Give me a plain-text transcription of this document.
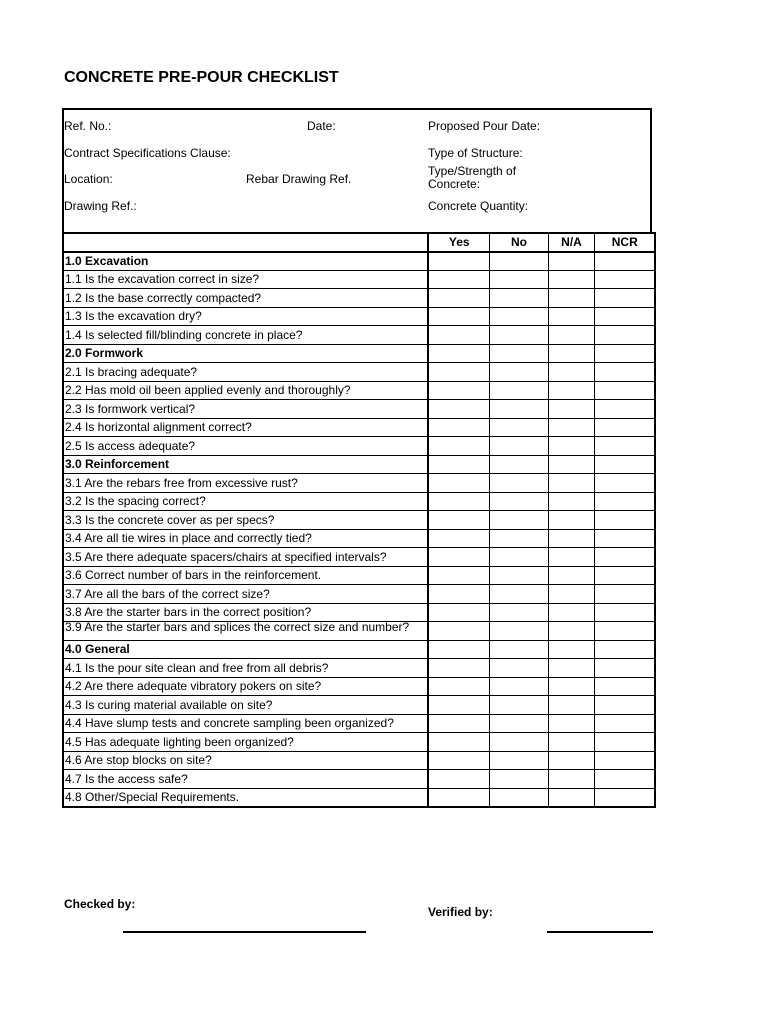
CONCRETE PRE-POUR CHECKLIST
Ref. No.:	Date:	Proposed Pour Date:
Contract Specifications Clause:	Type of Structure:
Location:	Rebar Drawing Ref.
Type/Strength of Concrete:
Drawing Ref.:	Concrete Quantity:
	Yes	No	N/A	NCR
1.0 Excavation				
1.1 Is the excavation correct in size?				
1.2 Is the base correctly compacted?				
1.3 Is the excavation dry?				
1.4 Is selected fill/blinding concrete in place?				
2.0 Formwork				
2.1 Is bracing adequate?				
2.2 Has mold oil been applied evenly and thoroughly?				
2.3 Is formwork vertical?				
2.4 Is horizontal alignment correct?				
2.5 Is access adequate?				
3.0 Reinforcement				
3.1 Are the rebars free from excessive rust?				
3.2 Is the spacing correct?				
3.3 Is the concrete cover as per specs?				
3.4 Are all tie wires in place and correctly tied?				
3.5 Are there adequate spacers/chairs at specified intervals?				
3.6 Correct number of bars in the reinforcement.				
3.7 Are all the bars of the correct size?				
3.8 Are the starter bars in the correct position?				
3.9 Are the starter bars and splices the correct size and number?				
4.0 General				
4.1 Is the pour site clean and free from all debris?				
4.2 Are there adequate vibratory pokers on site?				
4.3 Is curing material available on site?				
4.4 Have slump tests and concrete sampling been organized?				
4.5 Has adequate lighting been organized?				
4.6 Are stop blocks on site?				
4.7 Is the access safe?				
4.8 Other/Special Requirements.				
Checked by:
Verified by:
